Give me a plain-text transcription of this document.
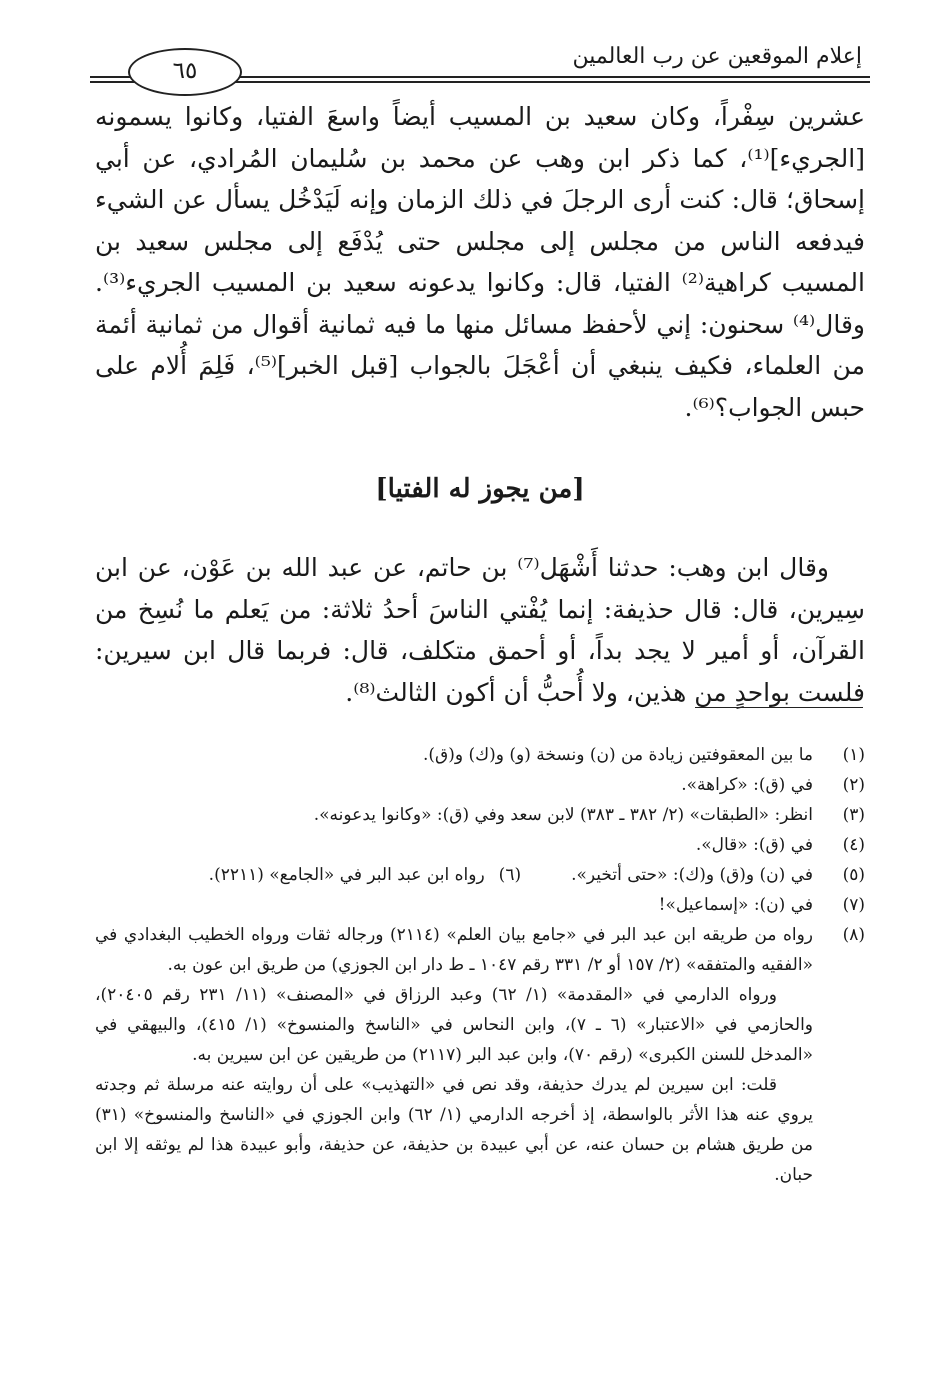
إعلام الموقعين عن رب العالمين
٦٥

عشرين سِفْراً، وكان سعيد بن المسيب أيضاً واسعَ الفتيا، وكانوا يسمونه [الجريء]⁽¹⁾، كما ذكر ابن وهب عن محمد بن سُليمان المُرادي، عن أبي إسحاق؛ قال: كنت أرى الرجلَ في ذلك الزمان وإنه لَيَدْخُل يسأل عن الشيء فيدفعه الناس من مجلس إلى مجلس حتى يُدْفَع إلى مجلس سعيد بن المسيب كراهية⁽²⁾ الفتيا، قال: وكانوا يدعونه سعيد بن المسيب الجريء⁽³⁾. وقال⁽⁴⁾ سحنون: إني لأحفظ مسائل منها ما فيه ثمانية أقوال من ثمانية أئمة من العلماء، فكيف ينبغي أن أعْجَلَ بالجواب [قبل الخبر]⁽⁵⁾، فَلِمَ أُلام على حبس الجواب؟⁽⁶⁾.

[من يجوز له الفتيا]

وقال ابن وهب: حدثنا أَشْهَل⁽⁷⁾ بن حاتم، عن عبد الله بن عَوْن، عن ابن سِيرين، قال: قال حذيفة: إنما يُفْتي الناسَ أحدُ ثلاثة: من يَعلم ما نُسِخ من القرآن، أو أمير لا يجد بداً، أو أحمق متكلف، قال: فربما قال ابن سيرين: فلست بواحدٍ من هذين، ولا أُحبُّ أن أكون الثالث⁽⁸⁾.

(١)
ما بين المعقوفتين زيادة من (ن) ونسخة (و) و(ك) و(ق).
(٢)
في (ق): «كراهة».
(٣)
انظر: «الطبقات» (٢/ ٣٨٢ ـ ٣٨٣) لابن سعد وفي (ق): «وكانوا يدعونه».
(٤)
في (ق): «قال».
(٥)
في (ن) و(ق) و(ك): «حتى أتخير».
(٦)
رواه ابن عبد البر في «الجامع» (٢٢١١).
(٧)
في (ن): «إسماعيل»!
(٨)
رواه من طريقه ابن عبد البر في «جامع بيان العلم» (٢١١٤) ورجاله ثقات ورواه الخطيب البغدادي في «الفقيه والمتفقه» (٢/ ١٥٧ أو ٢/ ٣٣١ رقم ١٠٤٧ ـ ط دار ابن الجوزي) من طريق ابن عون به.

ورواه الدارمي في «المقدمة» (١/ ٦٢) وعبد الرزاق في «المصنف» (١١/ ٢٣١ رقم ٢٠٤٠٥)، والحازمي في «الاعتبار» (٦ ـ ٧)، وابن النحاس في «الناسخ والمنسوخ» (١/ ٤١٥)، والبيهقي في «المدخل للسنن الكبرى» (رقم ٧٠)، وابن عبد البر (٢١١٧) من طريقين عن ابن سيرين به.

قلت: ابن سيرين لم يدرك حذيفة، وقد نص في «التهذيب» على أن روايته عنه مرسلة ثم وجدته يروي عنه هذا الأثر بالواسطة، إذ أخرجه الدارمي (١/ ٦٢) وابن الجوزي في «الناسخ والمنسوخ» (٣١) من طريق هشام بن حسان عنه، عن أبي عبيدة بن حذيفة، عن حذيفة، وأبو عبيدة هذا لم يوثقه إلا ابن حبان.
